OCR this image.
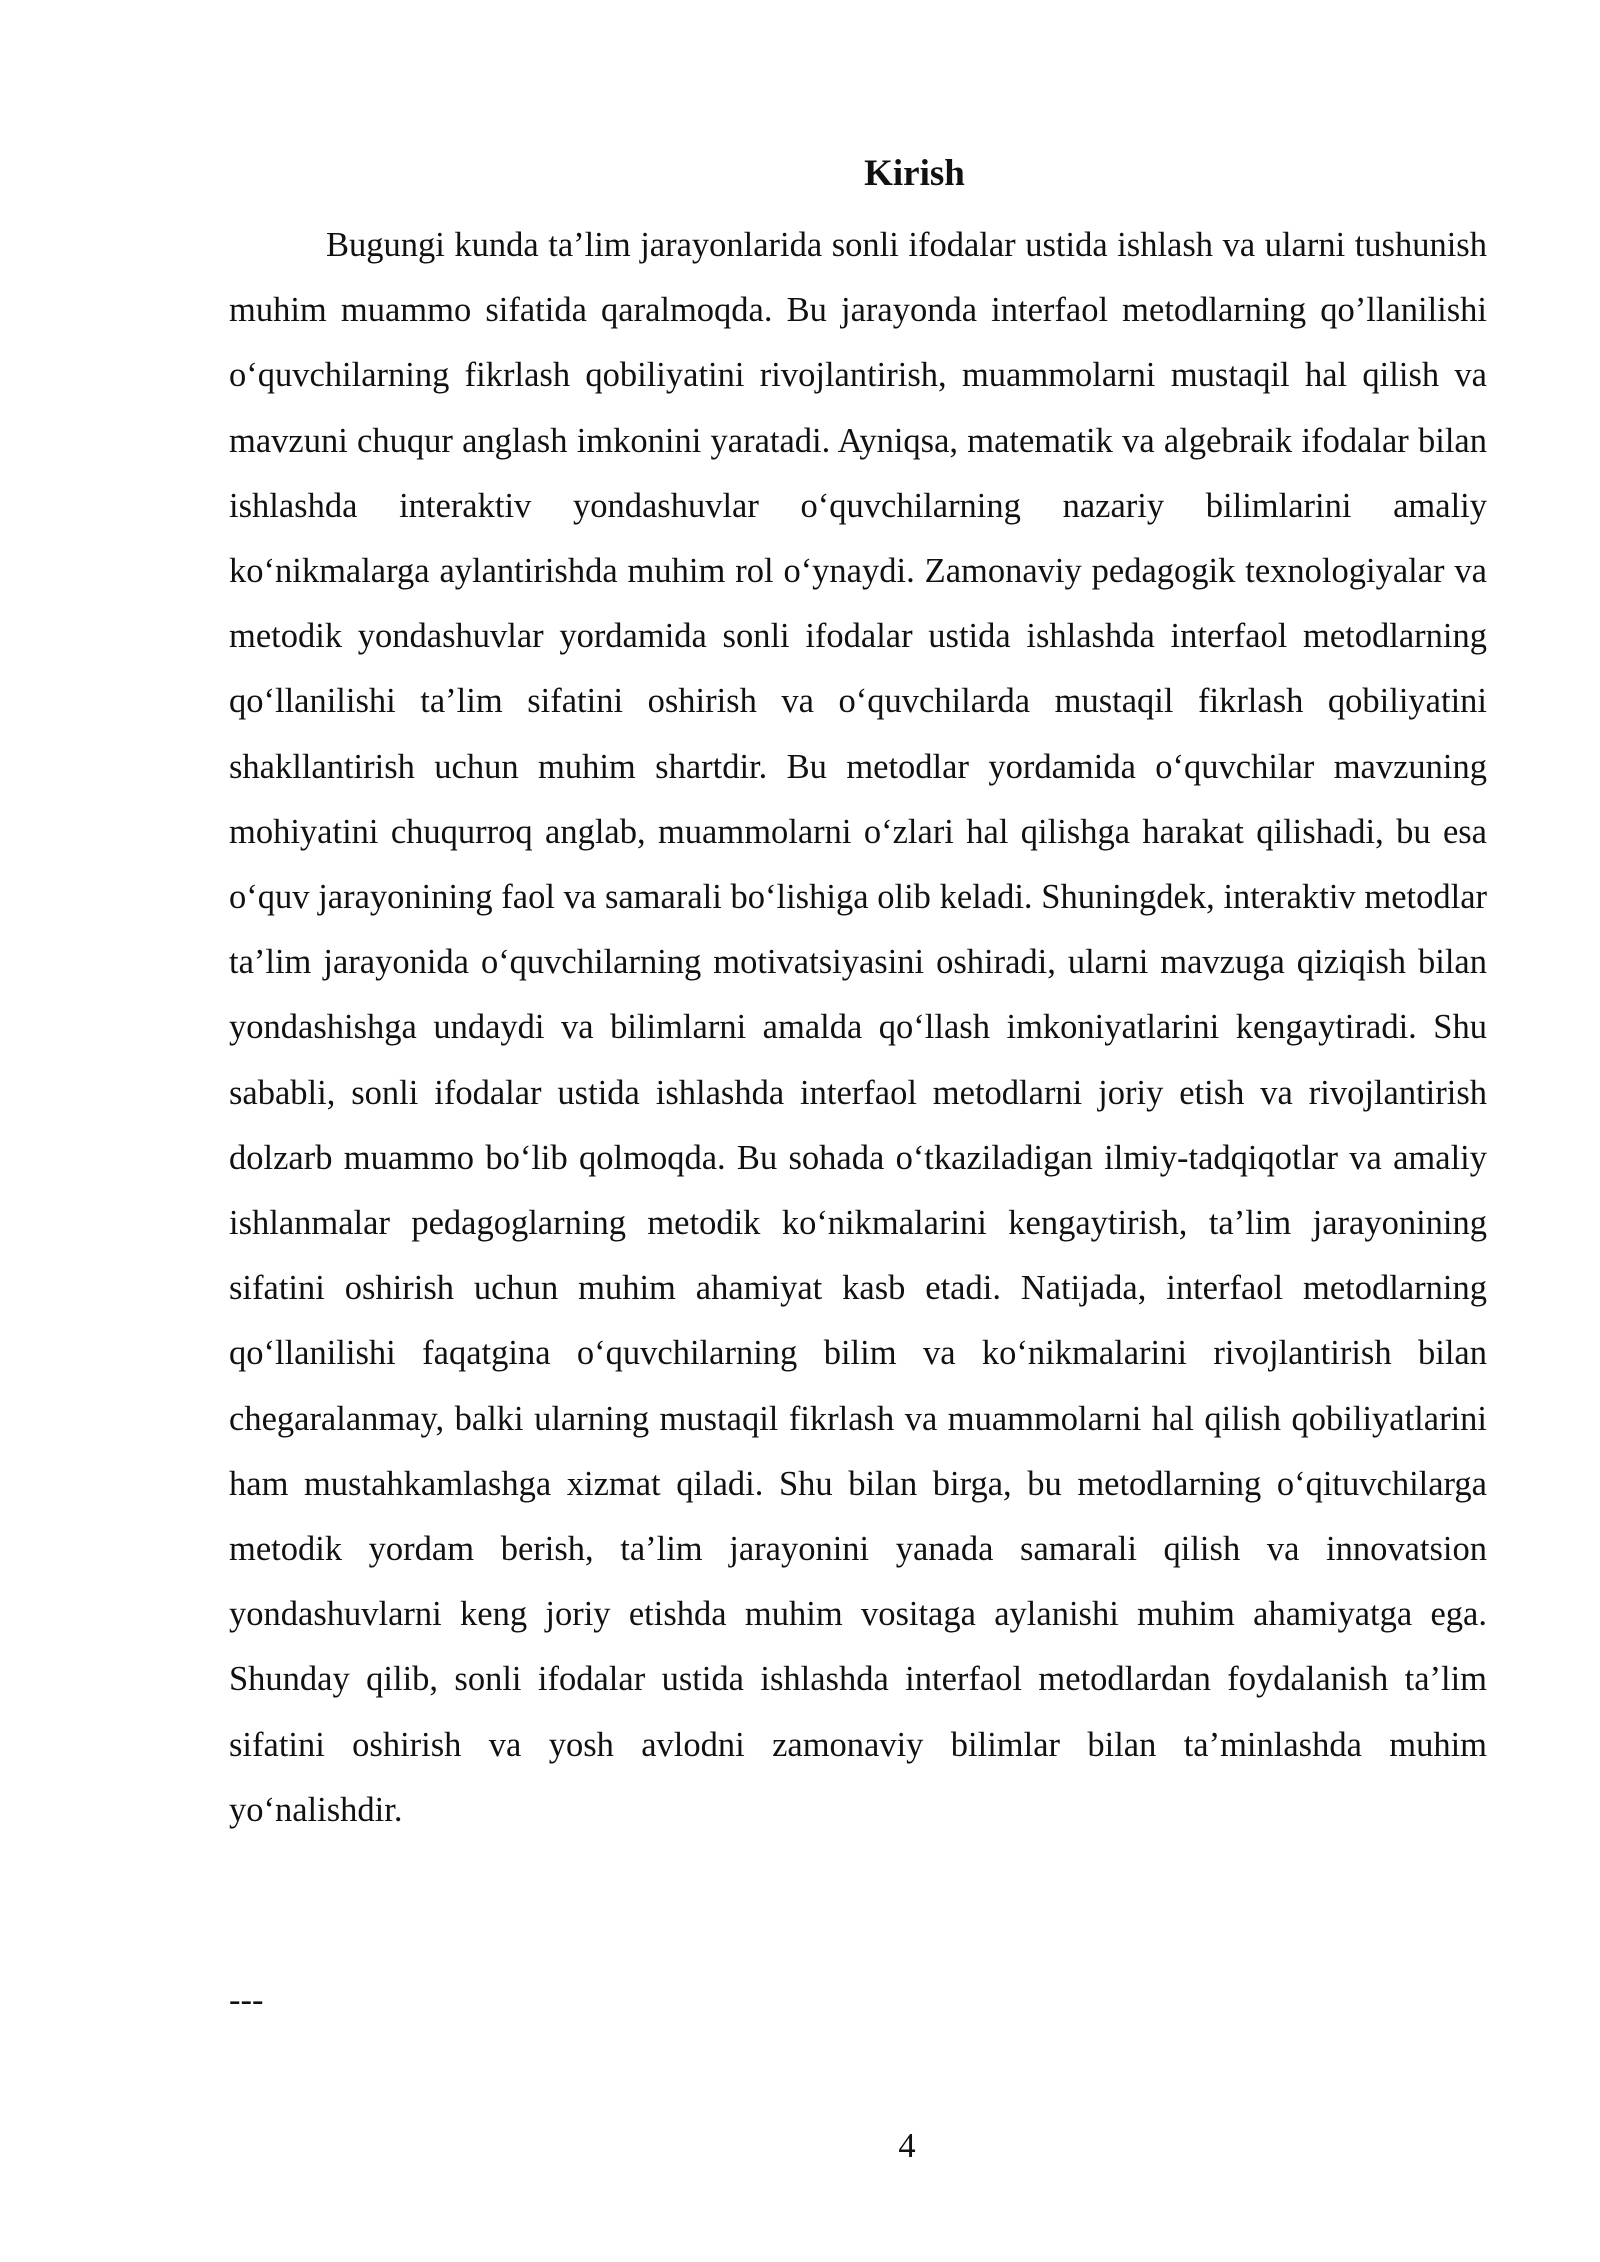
Kirish

Bugungi kunda ta’lim jarayonlarida sonli ifodalar ustida ishlash va ularni tushunish muhim muammo sifatida qaralmoqda. Bu jarayonda interfaol metodlarning qo’llanilishi o‘quvchilarning fikrlash qobiliyatini rivojlantirish, muammolarni mustaqil hal qilish va mavzuni chuqur anglash imkonini yaratadi. Ayniqsa, matematik va algebraik ifodalar bilan ishlashda interaktiv yondashuvlar o‘quvchilarning nazariy bilimlarini amaliy ko‘nikmalarga aylantirishda muhim rol o‘ynaydi. Zamonaviy pedagogik texnologiyalar va metodik yondashuvlar yordamida sonli ifodalar ustida ishlashda interfaol metodlarning qo‘llanilishi ta’lim sifatini oshirish va o‘quvchilarda mustaqil fikrlash qobiliyatini shakllantirish uchun muhim shartdir. Bu metodlar yordamida o‘quvchilar mavzuning mohiyatini chuqurroq anglab, muammolarni o‘zlari hal qilishga harakat qilishadi, bu esa o‘quv jarayonining faol va samarali bo‘lishiga olib keladi. Shuningdek, interaktiv metodlar ta’lim jarayonida o‘quvchilarning motivatsiyasini oshiradi, ularni mavzuga qiziqish bilan yondashishga undaydi va bilimlarni amalda qo‘llash imkoniyatlarini kengaytiradi. Shu sababli, sonli ifodalar ustida ishlashda interfaol metodlarni joriy etish va rivojlantirish dolzarb muammo bo‘lib qolmoqda. Bu sohada o‘tkaziladigan ilmiy-tadqiqotlar va amaliy ishlanmalar pedagoglarning metodik ko‘nikmalarini kengaytirish, ta’lim jarayonining sifatini oshirish uchun muhim ahamiyat kasb etadi. Natijada, interfaol metodlarning qo‘llanilishi faqatgina o‘quvchilarning bilim va ko‘nikmalarini rivojlantirish bilan chegaralanmay, balki ularning mustaqil fikrlash va muammolarni hal qilish qobiliyatlarini ham mustahkamlashga xizmat qiladi. Shu bilan birga, bu metodlarning o‘qituvchilarga metodik yordam berish, ta’lim jarayonini yanada samarali qilish va innovatsion yondashuvlarni keng joriy etishda muhim vositaga aylanishi muhim ahamiyatga ega. Shunday qilib, sonli ifodalar ustida ishlashda interfaol metodlardan foydalanish ta’lim sifatini oshirish va yosh avlodni zamonaviy bilimlar bilan ta’minlashda muhim yo‘nalishdir.

---

4
